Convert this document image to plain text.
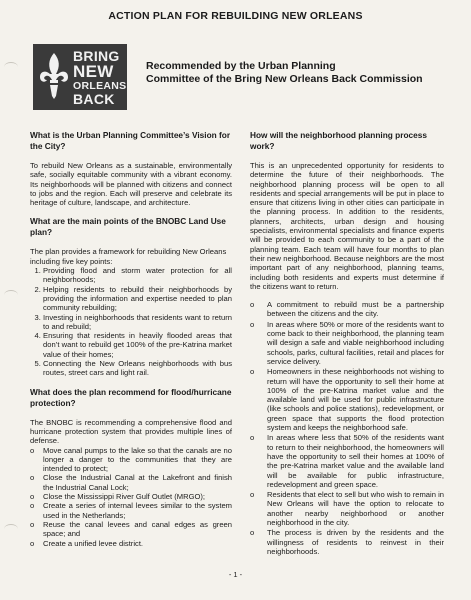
ACTION PLAN FOR REBUILDING NEW ORLEANS
BRING
NEW
ORLEANS
BACK
Recommended by the Urban Planning
Committee of the Bring New Orleans Back Commission
What is the Urban Planning Committee’s Vision for the City?

To rebuild New Orleans as a sustainable, environmentally safe, socially equitable community with a vibrant economy. Its neighborhoods will be planned with citizens and connect to jobs and the region. Each will preserve and celebrate its heritage of culture, landscape, and architecture.

What are the main points of the BNOBC Land Use plan?

The plan provides a framework for rebuilding New Orleans including five key points:

1. Providing flood and storm water protection for all neighborhoods;
2. Helping residents to rebuild their neighborhoods by providing the information and expertise needed to plan community rebuilding;
3. Investing in neighborhoods that residents want to return to and rebuild;
4. Ensuring that residents in heavily flooded areas that don’t want to rebuild get 100% of the pre-Katrina market value of their homes;
5. Connecting the New Orleans neighborhoods with bus routes, street cars and light rail.
What does the plan recommend for flood/hurricane protection?

The BNOBC is recommending a comprehensive flood and hurricane protection system that provides multiple lines of defense.

o Move canal pumps to the lake so that the canals are no longer a danger to the communities that they are intended to protect;
o Close the Industrial Canal at the Lakefront and finish the Industrial Canal Lock;
o Close the Mississippi River Gulf Outlet (MRGO);
o Create a series of internal levees similar to the system used in the Netherlands;
o Reuse the canal levees and canal edges as green space; and
o Create a unified levee district.
How will the neighborhood planning process work?

This is an unprecedented opportunity for residents to determine the future of their neighborhoods. The neighborhood planning process will be open to all residents and special arrangements will be put in place to ensure that citizens living in other cities can participate in the planning process. In addition to the residents, planners, architects, urban design and housing specialists, environmental specialists and finance experts will be provided to each community to be a part of the planning team. Each team will have four months to plan their new neighborhood. Because neighbors are the most important part of any neighborhood, planning teams, including both residents and experts must determine if the citizens want to return.

o A commitment to rebuild must be a partnership between the citizens and the city.
o In areas where 50% or more of the residents want to come back to their neighborhood, the planning team will design a safe and viable neighborhood including schools, parks, cultural facilities, retail and places for service delivery.
o Homeowners in these neighborhoods not wishing to return will have the opportunity to sell their home at 100% of the pre-Katrina market value and the available land will be used for public infrastructure (like schools and police stations), redevelopment, or green space that supports the flood protection system and keeps the neighborhood safe.
o In areas where less that 50% of the residents want to return to their neighborhood, the homeowners will have the opportunity to sell their homes at 100% of the pre-Katrina market value and the available land will be available for public infrastructure, redevelopment and green space.
o Residents that elect to sell but who wish to remain in New Orleans will have the option to relocate to another nearby neighborhood or another neighborhood in the city.
o The process is driven by the residents and the willingness of residents to reinvest in their neighborhoods.
- 1 -
